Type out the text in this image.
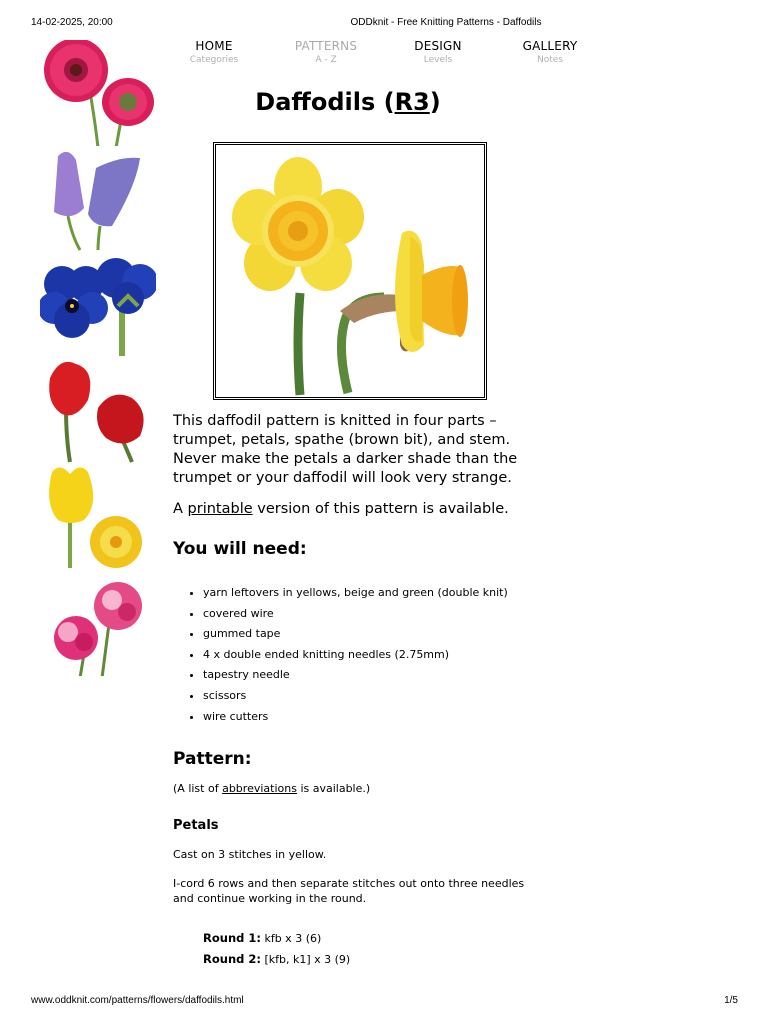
14-02-2025, 20:00	ODDknit - Free Knitting Patterns - Daffodils
HOME
Categories
PATTERNS
A - Z
DESIGN
Levels
GALLERY
Notes
Daffodils (R3)

This daffodil pattern is knitted in four parts – trumpet, petals, spathe (brown bit), and stem. Never make the petals a darker shade than the trumpet or your daffodil will look very strange.

A printable version of this pattern is available.

You will need:
• yarn leftovers in yellows, beige and green (double knit)
• covered wire
• gummed tape
• 4 x double ended knitting needles (2.75mm)
• tapestry needle
• scissors
• wire cutters
Pattern:

(A list of abbreviations is available.)

Petals

Cast on 3 stitches in yellow.

I-cord 6 rows and then separate stitches out onto three needles and continue working in the round.

Round 1: kfb x 3 (6)
Round 2: [kfb, k1] x 3 (9)
www.oddknit.com/patterns/flowers/daffodils.html	1/5
